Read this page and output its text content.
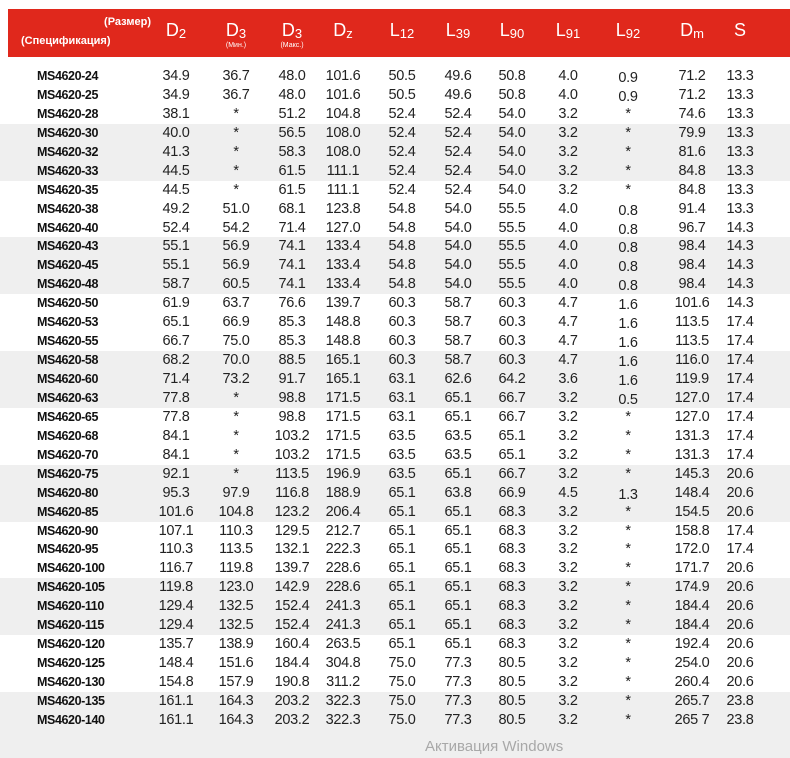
(Размер)
(Спецификация)
$D_2$ $D_3$
(Мин.)
$D_3$
(Макс.)
$D_z$ $L_{12}$ $L_{39}$ $L_{90}$ $L_{91}$ $L_{92}$ $D_m$ S
MS4620-24	34.9 36.7 48.0 101.6 50.5 49.6 50.8 4.0	0.9	71.2 13.3
MS4620-25	34.9 36.7 48.0 101.6 50.5 49.6 50.8 4.0	0.9	71.2 13.3
MS4620-28	38.1	*	51.2 104.8 52.4 52.4 54.0 3.2	*	74.6 13.3
MS4620-30	40.0	*	56.5 108.0 52.4 52.4 54.0 3.2	*	79.9 13.3
MS4620-32	41.3	*	58.3 108.0 52.4 52.4 54.0 3.2	*	81.6 13.3
MS4620-33	44.5	*	61.5 111.1 52.4 52.4 54.0 3.2	*	84.8 13.3
MS4620-35	44.5	*	61.5 111.1 52.4 52.4 54.0 3.2	*	84.8 13.3
MS4620-38	49.2 51.0 68.1 123.8 54.8 54.0 55.5 4.0	0.8	91.4 13.3
MS4620-40	52.4 54.2 71.4 127.0 54.8 54.0 55.5 4.0	0.8	96.7 14.3
MS4620-43	55.1 56.9 74.1 133.4 54.8 54.0 55.5 4.0	0.8	98.4 14.3
MS4620-45	55.1 56.9 74.1 133.4 54.8 54.0 55.5 4.0	0.8	98.4 14.3
MS4620-48	58.7 60.5 74.1 133.4 54.8 54.0 55.5 4.0	0.8	98.4 14.3
MS4620-50	61.9 63.7 76.6 139.7 60.3 58.7 60.3 4.7	1.6	101.6 14.3
MS4620-53	65.1 66.9 85.3 148.8 60.3 58.7 60.3 4.7	1.6	113.5 17.4
MS4620-55	66.7 75.0 85.3 148.8 60.3 58.7 60.3 4.7	1.6	113.5 17.4
MS4620-58	68.2 70.0 88.5 165.1 60.3 58.7 60.3 4.7	1.6	116.0 17.4
MS4620-60	71.4 73.2 91.7 165.1 63.1 62.6 64.2 3.6	1.6	119.9 17.4
MS4620-63	77.8	*	98.8 171.5 63.1 65.1 66.7 3.2	0.5	127.0 17.4
MS4620-65	77.8	*	98.8 171.5 63.1 65.1 66.7 3.2	*	127.0 17.4
MS4620-68	84.1	* 103.2 171.5 63.5 63.5 65.1 3.2	*	131.3 17.4
MS4620-70	84.1	* 103.2 171.5 63.5 63.5 65.1 3.2	*	131.3 17.4
MS4620-75	92.1	*	113.5 196.9 63.5 65.1 66.7 3.2	*	145.3 20.6
MS4620-80	95.3 97.9 116.8 188.9 65.1 63.8 66.9 4.5	1.3	148.4 20.6
MS4620-85	101.6 104.8 123.2 206.4 65.1 65.1 68.3 3.2	*	154.5 20.6
MS4620-90	107.1 110.3 129.5 212.7 65.1 65.1 68.3 3.2	*	158.8 17.4
MS4620-95	110.3 113.5 132.1 222.3 65.1 65.1 68.3 3.2	*	172.0 17.4
MS4620-100	116.7 119.8 139.7 228.6 65.1 65.1 68.3 3.2	*	171.7 20.6
MS4620-105	119.8 123.0 142.9 228.6 65.1 65.1 68.3 3.2	*	174.9 20.6
MS4620-110	129.4 132.5 152.4 241.3 65.1 65.1 68.3 3.2	*	184.4 20.6
MS4620-115	129.4 132.5 152.4 241.3 65.1 65.1 68.3 3.2	*	184.4 20.6
MS4620-120	135.7 138.9 160.4 263.5 65.1 65.1 68.3 3.2	*	192.4 20.6
MS4620-125	148.4 151.6 184.4 304.8 75.0 77.3 80.5 3.2	*	254.0 20.6
MS4620-130	154.8 157.9 190.8 311.2 75.0 77.3 80.5 3.2	*	260.4 20.6
MS4620-135	161.1 164.3 203.2 322.3 75.0 77.3 80.5 3.2	*	265.7 23.8
MS4620-140	161.1 164.3 203.2 322.3 75.0 77.3 80.5 3.2	*	265 7 23.8
Активация Windows
